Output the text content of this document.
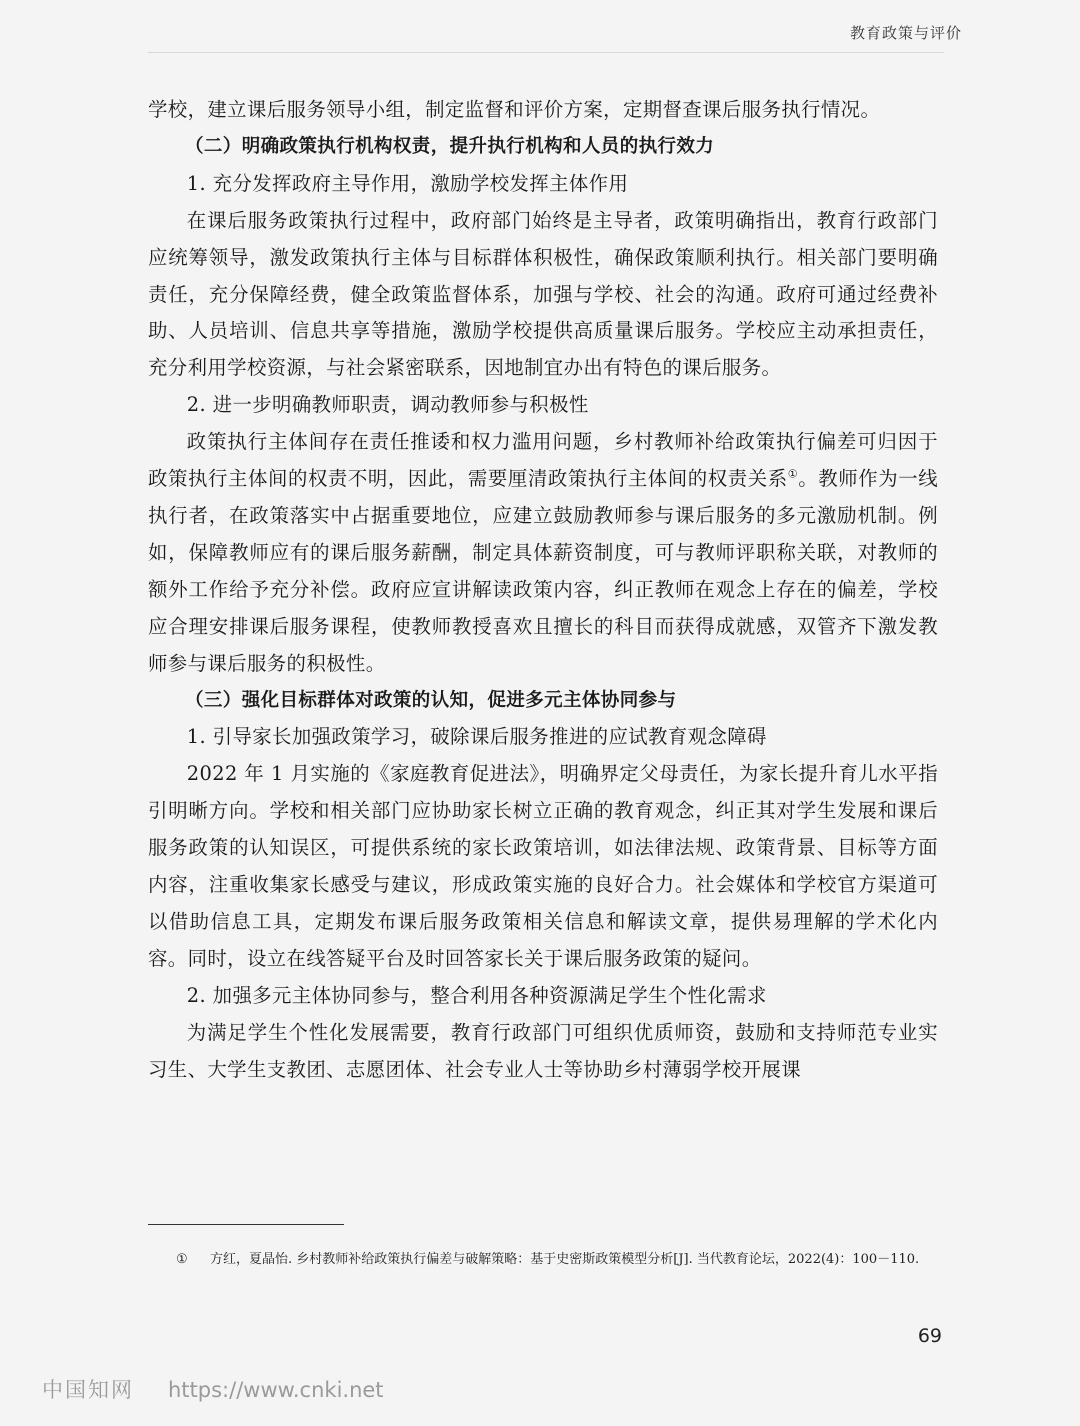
教育政策与评价

学校，建立课后服务领导小组，制定监督和评价方案，定期督查课后服务执行情况。

（二）明确政策执行机构权责，提升执行机构和人员的执行效力

1. 充分发挥政府主导作用，激励学校发挥主体作用

在课后服务政策执行过程中，政府部门始终是主导者，政策明确指出，教育行政部门应统筹领导，激发政策执行主体与目标群体积极性，确保政策顺利执行。相关部门要明确责任，充分保障经费，健全政策监督体系，加强与学校、社会的沟通。政府可通过经费补助、人员培训、信息共享等措施，激励学校提供高质量课后服务。学校应主动承担责任，充分利用学校资源，与社会紧密联系，因地制宜办出有特色的课后服务。

2. 进一步明确教师职责，调动教师参与积极性

政策执行主体间存在责任推诿和权力滥用问题，乡村教师补给政策执行偏差可归因于政策执行主体间的权责不明，因此，需要厘清政策执行主体间的权责关系①。教师作为一线执行者，在政策落实中占据重要地位，应建立鼓励教师参与课后服务的多元激励机制。例如，保障教师应有的课后服务薪酬，制定具体薪资制度，可与教师评职称关联，对教师的额外工作给予充分补偿。政府应宣讲解读政策内容，纠正教师在观念上存在的偏差，学校应合理安排课后服务课程，使教师教授喜欢且擅长的科目而获得成就感，双管齐下激发教师参与课后服务的积极性。

（三）强化目标群体对政策的认知，促进多元主体协同参与

1. 引导家长加强政策学习，破除课后服务推进的应试教育观念障碍

2022 年 1 月实施的《家庭教育促进法》，明确界定父母责任，为家长提升育儿水平指引明晰方向。学校和相关部门应协助家长树立正确的教育观念，纠正其对学生发展和课后服务政策的认知误区，可提供系统的家长政策培训，如法律法规、政策背景、目标等方面内容，注重收集家长感受与建议，形成政策实施的良好合力。社会媒体和学校官方渠道可以借助信息工具，定期发布课后服务政策相关信息和解读文章，提供易理解的学术化内容。同时，设立在线答疑平台及时回答家长关于课后服务政策的疑问。

2. 加强多元主体协同参与，整合利用各种资源满足学生个性化需求

为满足学生个性化发展需要，教育行政部门可组织优质师资，鼓励和支持师范专业实习生、大学生支教团、志愿团体、社会专业人士等协助乡村薄弱学校开展课

① 方红，夏晶怡. 乡村教师补给政策执行偏差与破解策略：基于史密斯政策模型分析[J]. 当代教育论坛，2022(4)：100－110.
69
中国知网 https://www.cnki.net
